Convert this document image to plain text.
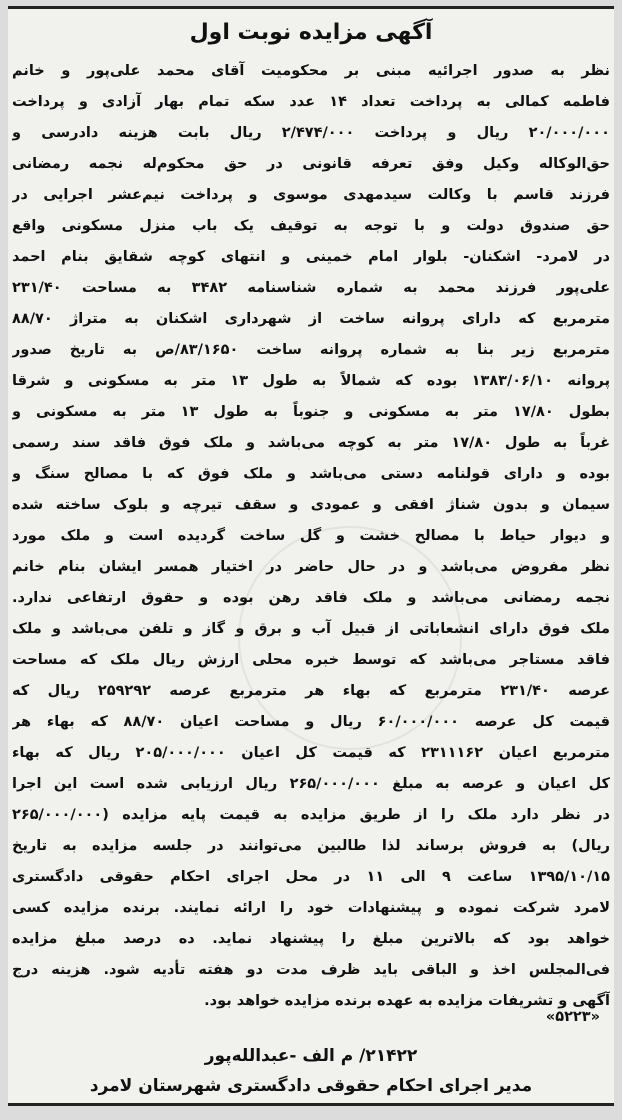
آگهی مزایده نوبت اول
نظر به صدور اجرائیه مبنی بر محکومیت آقای محمد علی‌پور و خانم
فاطمه کمالی به پرداخت تعداد ۱۴ عدد سکه تمام بهار آزادی و پرداخت
۲۰/۰۰۰/۰۰۰ ریال و پرداخت ۲/۴۷۴/۰۰۰ ریال بابت هزینه دادرسی و
حق‌الوکاله وکیل وفق تعرفه قانونی در حق محکوم‌له نجمه رمضانی
فرزند قاسم با وکالت سیدمهدی موسوی و پرداخت نیم‌عشر اجرایی در
حق صندوق دولت و با توجه به توقیف یک باب منزل مسکونی واقع
در لامرد- اشکنان- بلوار امام خمینی و انتهای کوچه شقایق بنام احمد
علی‌پور فرزند محمد به شماره شناسنامه ۳۴۸۲ به مساحت ۲۳۱/۴۰
مترمربع که دارای پروانه ساخت از شهرداری اشکنان به متراژ ۸۸/۷۰
مترمربع زیر بنا به شماره پروانه ساخت ۸۳/۱۶۵۰/ص به تاریخ صدور
پروانه ۱۳۸۳/۰۶/۱۰ بوده که شمالاً به طول ۱۳ متر به مسکونی و شرقا
بطول ۱۷/۸۰ متر به مسکونی و جنوباً به طول ۱۳ متر به مسکونی و
غرباً به طول ۱۷/۸۰ متر به کوچه می‌باشد و ملک فوق فاقد سند رسمی
بوده و دارای قولنامه دستی می‌باشد و ملک فوق که با مصالح سنگ و
سیمان و بدون شناژ افقی و عمودی و سقف تیرچه و بلوک ساخته شده
و دیوار حیاط با مصالح خشت و گل ساخت گردیده است و ملک مورد
نظر مفروض می‌باشد و در حال حاضر در اختیار همسر ایشان بنام خانم
نجمه رمضانی می‌باشد و ملک فاقد رهن بوده و حقوق ارتفاعی ندارد.
ملک فوق دارای انشعاباتی از قبیل آب و برق و گاز و تلفن می‌باشد و ملک
فاقد مستاجر می‌باشد که توسط خبره محلی ارزش ریال ملک که مساحت
عرصه ۲۳۱/۴۰ مترمربع که بهاء هر مترمربع عرصه ۲۵۹۲۹۲ ریال که
قیمت کل عرصه ۶۰/۰۰۰/۰۰۰ ریال و مساحت اعیان ۸۸/۷۰ که بهاء هر
مترمربع اعیان ۲۳۱۱۱۶۲ که قیمت کل اعیان ۲۰۵/۰۰۰/۰۰۰ ریال که بهاء
کل اعیان و عرصه به مبلغ ۲۶۵/۰۰۰/۰۰۰ ریال ارزیابی شده است این اجرا
در نظر دارد ملک را از طریق مزایده به قیمت پایه مزایده (۲۶۵/۰۰۰/۰۰۰
ریال) به فروش برساند لذا طالبین می‌توانند در جلسه مزایده به تاریخ
۱۳۹۵/۱۰/۱۵ ساعت ۹ الی ۱۱ در محل اجرای احکام حقوقی دادگستری
لامرد شرکت نموده و پیشنهادات خود را ارائه نمایند. برنده مزایده کسی
خواهد بود که بالاترین مبلغ را پیشنهاد نماید. ده درصد مبلغ مزایده
فی‌المجلس اخذ و الباقی باید ظرف مدت دو هفته تأدیه شود. هزینه درج
آگهی و تشریفات مزایده به عهده برنده مزایده خواهد بود.
«۵۲۲۳»
۲۱۴۲۲/ م الف -عبدالله‌پور
مدیر اجرای احکام حقوقی دادگستری شهرستان لامرد
